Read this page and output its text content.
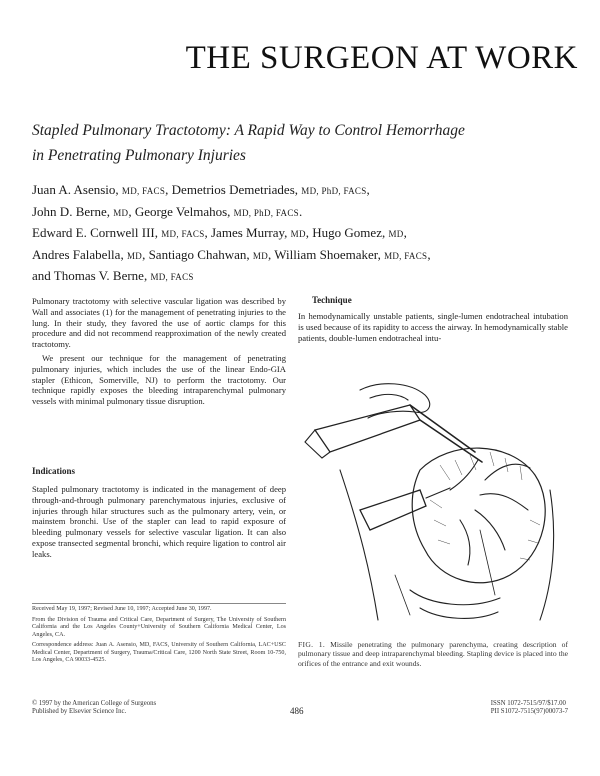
THE SURGEON AT WORK
Stapled Pulmonary Tractotomy: A Rapid Way to Control Hemorrhage
in Penetrating Pulmonary Injuries
Juan A. Asensio, MD, FACS, Demetrios Demetriades, MD, PhD, FACS,
John D. Berne, MD, George Velmahos, MD, PhD, FACS.
Edward E. Cornwell III, MD, FACS, James Murray, MD, Hugo Gomez, MD,
Andres Falabella, MD, Santiago Chahwan, MD, William Shoemaker, MD, FACS,
and Thomas V. Berne, MD, FACS

Pulmonary tractotomy with selective vascular ligation was described by Wall and associates (1) for the management of penetrating injuries to the lung. In their study, they favored the use of aortic clamps for this procedure and did not recommend reapproximation of the newly created tractotomy.

We present our technique for the management of penetrating pulmonary injuries, which includes the use of the linear Endo-GIA stapler (Ethicon, Somerville, NJ) to perform the tractotomy. Our technique rapidly exposes the bleeding intraparenchymal pulmonary vessels with minimal pulmonary tissue disruption.

Indications
Stapled pulmonary tractotomy is indicated in the management of deep through-and-through pulmonary parenchymatous injuries, exclusive of injuries through hilar structures such as the pulmonary artery, vein, or mainstem bronchi. Use of the stapler can lead to rapid exposure of bleeding pulmonary vessels for selective vascular ligation. It can also expose transected segmental bronchi, which require ligation to control air leaks.

Received May 19, 1997; Revised June 10, 1997; Accepted June 30, 1997.

From the Division of Trauma and Critical Care, Department of Surgery, The University of Southern California and the Los Angeles County+University of Southern California Medical Center, Los Angeles, CA.

Correspondence address: Juan A. Asensio, MD, FACS, University of Southern California, LAC+USC Medical Center, Department of Surgery, Trauma/Critical Care, 1200 North State Street, Room 10-750, Los Angeles, CA 90033-4525.

Technique
In hemodynamically unstable patients, single-lumen endotracheal intubation is used because of its rapidity to access the airway. In hemodynamically stable patients, double-lumen endotracheal intu-
FIG. 1. Missile penetrating the pulmonary parenchyma, creating description of pulmonary tissue and deep intraparenchymal bleeding. Stapling device is placed into the orifices of the entrance and exit wounds.
© 1997 by the American College of Surgeons
Published by Elsevier Science Inc.	486
ISSN 1072-7515/97/$17.00
PII S1072-7515(97)00073-7
